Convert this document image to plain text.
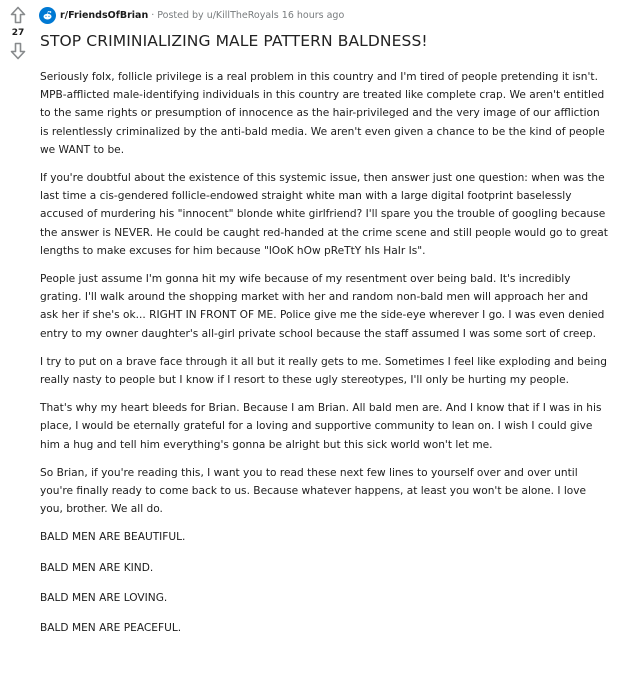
27
r/FriendsOfBrian · Posted by u/KillTheRoyals 16 hours ago
STOP CRIMINIALIZING MALE PATTERN BALDNESS!

Seriously folx, follicle privilege is a real problem in this country and I'm tired of people pretending it isn't. MPB-afflicted male-identifying individuals in this country are treated like complete crap. We aren't entitled to the same rights or presumption of innocence as the hair-privileged and the very image of our affliction is relentlessly criminalized by the anti-bald media. We aren't even given a chance to be the kind of people we WANT to be.

If you're doubtful about the existence of this systemic issue, then answer just one question: when was the last time a cis-gendered follicle-endowed straight white man with a large digital footprint baselessly accused of murdering his "innocent" blonde white girlfriend? I'll spare you the trouble of googling because the answer is NEVER. He could be caught red-handed at the crime scene and still people would go to great lengths to make excuses for him because "lOoK hOw pReTtY hIs HaIr Is".

People just assume I'm gonna hit my wife because of my resentment over being bald. It's incredibly grating. I'll walk around the shopping market with her and random non-bald men will approach her and ask her if she's ok... RIGHT IN FRONT OF ME. Police give me the side-eye wherever I go. I was even denied entry to my owner daughter's all-girl private school because the staff assumed I was some sort of creep.

I try to put on a brave face through it all but it really gets to me. Sometimes I feel like exploding and being really nasty to people but I know if I resort to these ugly stereotypes, I'll only be hurting my people.

That's why my heart bleeds for Brian. Because I am Brian. All bald men are. And I know that if I was in his place, I would be eternally grateful for a loving and supportive community to lean on. I wish I could give him a hug and tell him everything's gonna be alright but this sick world won't let me.

So Brian, if you're reading this, I want you to read these next few lines to yourself over and over until you're finally ready to come back to us. Because whatever happens, at least you won't be alone. I love you, brother. We all do.

BALD MEN ARE BEAUTIFUL.

BALD MEN ARE KIND.

BALD MEN ARE LOVING.

BALD MEN ARE PEACEFUL.
